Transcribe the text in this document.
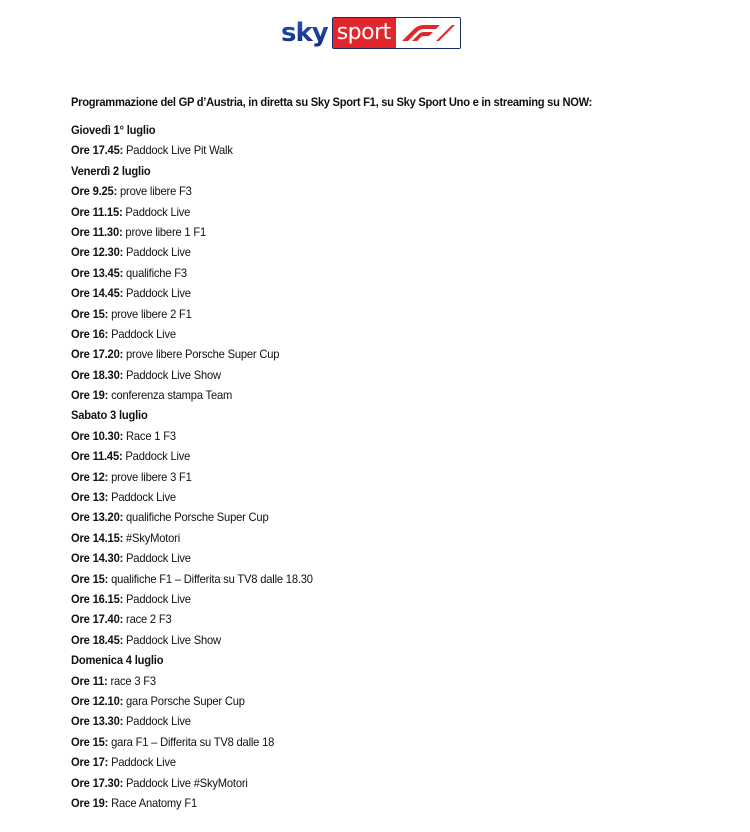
sky sport

Programmazione del GP d’Austria, in diretta su Sky Sport F1, su Sky Sport Uno e in streaming su NOW:

Giovedì 1° luglio
Ore 17.45: Paddock Live Pit Walk
Venerdì 2 luglio
Ore 9.25: prove libere F3
Ore 11.15: Paddock Live
Ore 11.30: prove libere 1 F1
Ore 12.30: Paddock Live
Ore 13.45: qualifiche F3
Ore 14.45: Paddock Live
Ore 15: prove libere 2 F1
Ore 16: Paddock Live
Ore 17.20: prove libere Porsche Super Cup
Ore 18.30: Paddock Live Show
Ore 19: conferenza stampa Team
Sabato 3 luglio
Ore 10.30: Race 1 F3
Ore 11.45: Paddock Live
Ore 12: prove libere 3 F1
Ore 13: Paddock Live
Ore 13.20: qualifiche Porsche Super Cup
Ore 14.15: #SkyMotori
Ore 14.30: Paddock Live
Ore 15: qualifiche F1 – Differita su TV8 dalle 18.30
Ore 16.15: Paddock Live
Ore 17.40: race 2 F3
Ore 18.45: Paddock Live Show
Domenica 4 luglio
Ore 11: race 3 F3
Ore 12.10: gara Porsche Super Cup
Ore 13.30: Paddock Live
Ore 15: gara F1 – Differita su TV8 dalle 18
Ore 17: Paddock Live
Ore 17.30: Paddock Live #SkyMotori
Ore 19: Race Anatomy F1
